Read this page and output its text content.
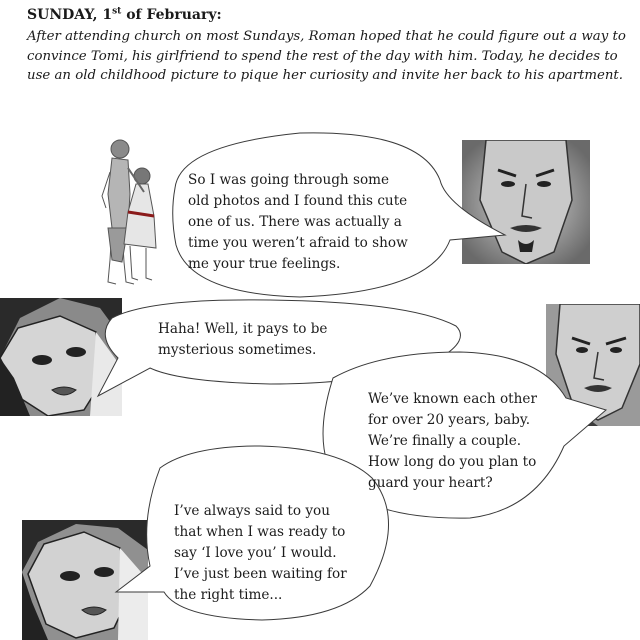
SUNDAY, 1st of February:

After attending church on most Sundays, Roman hoped that he could figure out a way to convince Tomi, his girlfriend to spend the rest of the day with him. Today, he decides to use an old childhood picture to pique her curiosity and invite her back to his apartment.

So I was going through some old photos and I found this cute one of us. There was actually a time you weren’t afraid to show me your true feelings.

Haha! Well, it pays to be mysterious sometimes.

We’ve known each other for over 20 years, baby. We’re finally a couple. How long do you plan to guard your heart?

I’ve always said to you that when I was ready to say ‘I love you’ I would. I’ve just been waiting for the right time...
